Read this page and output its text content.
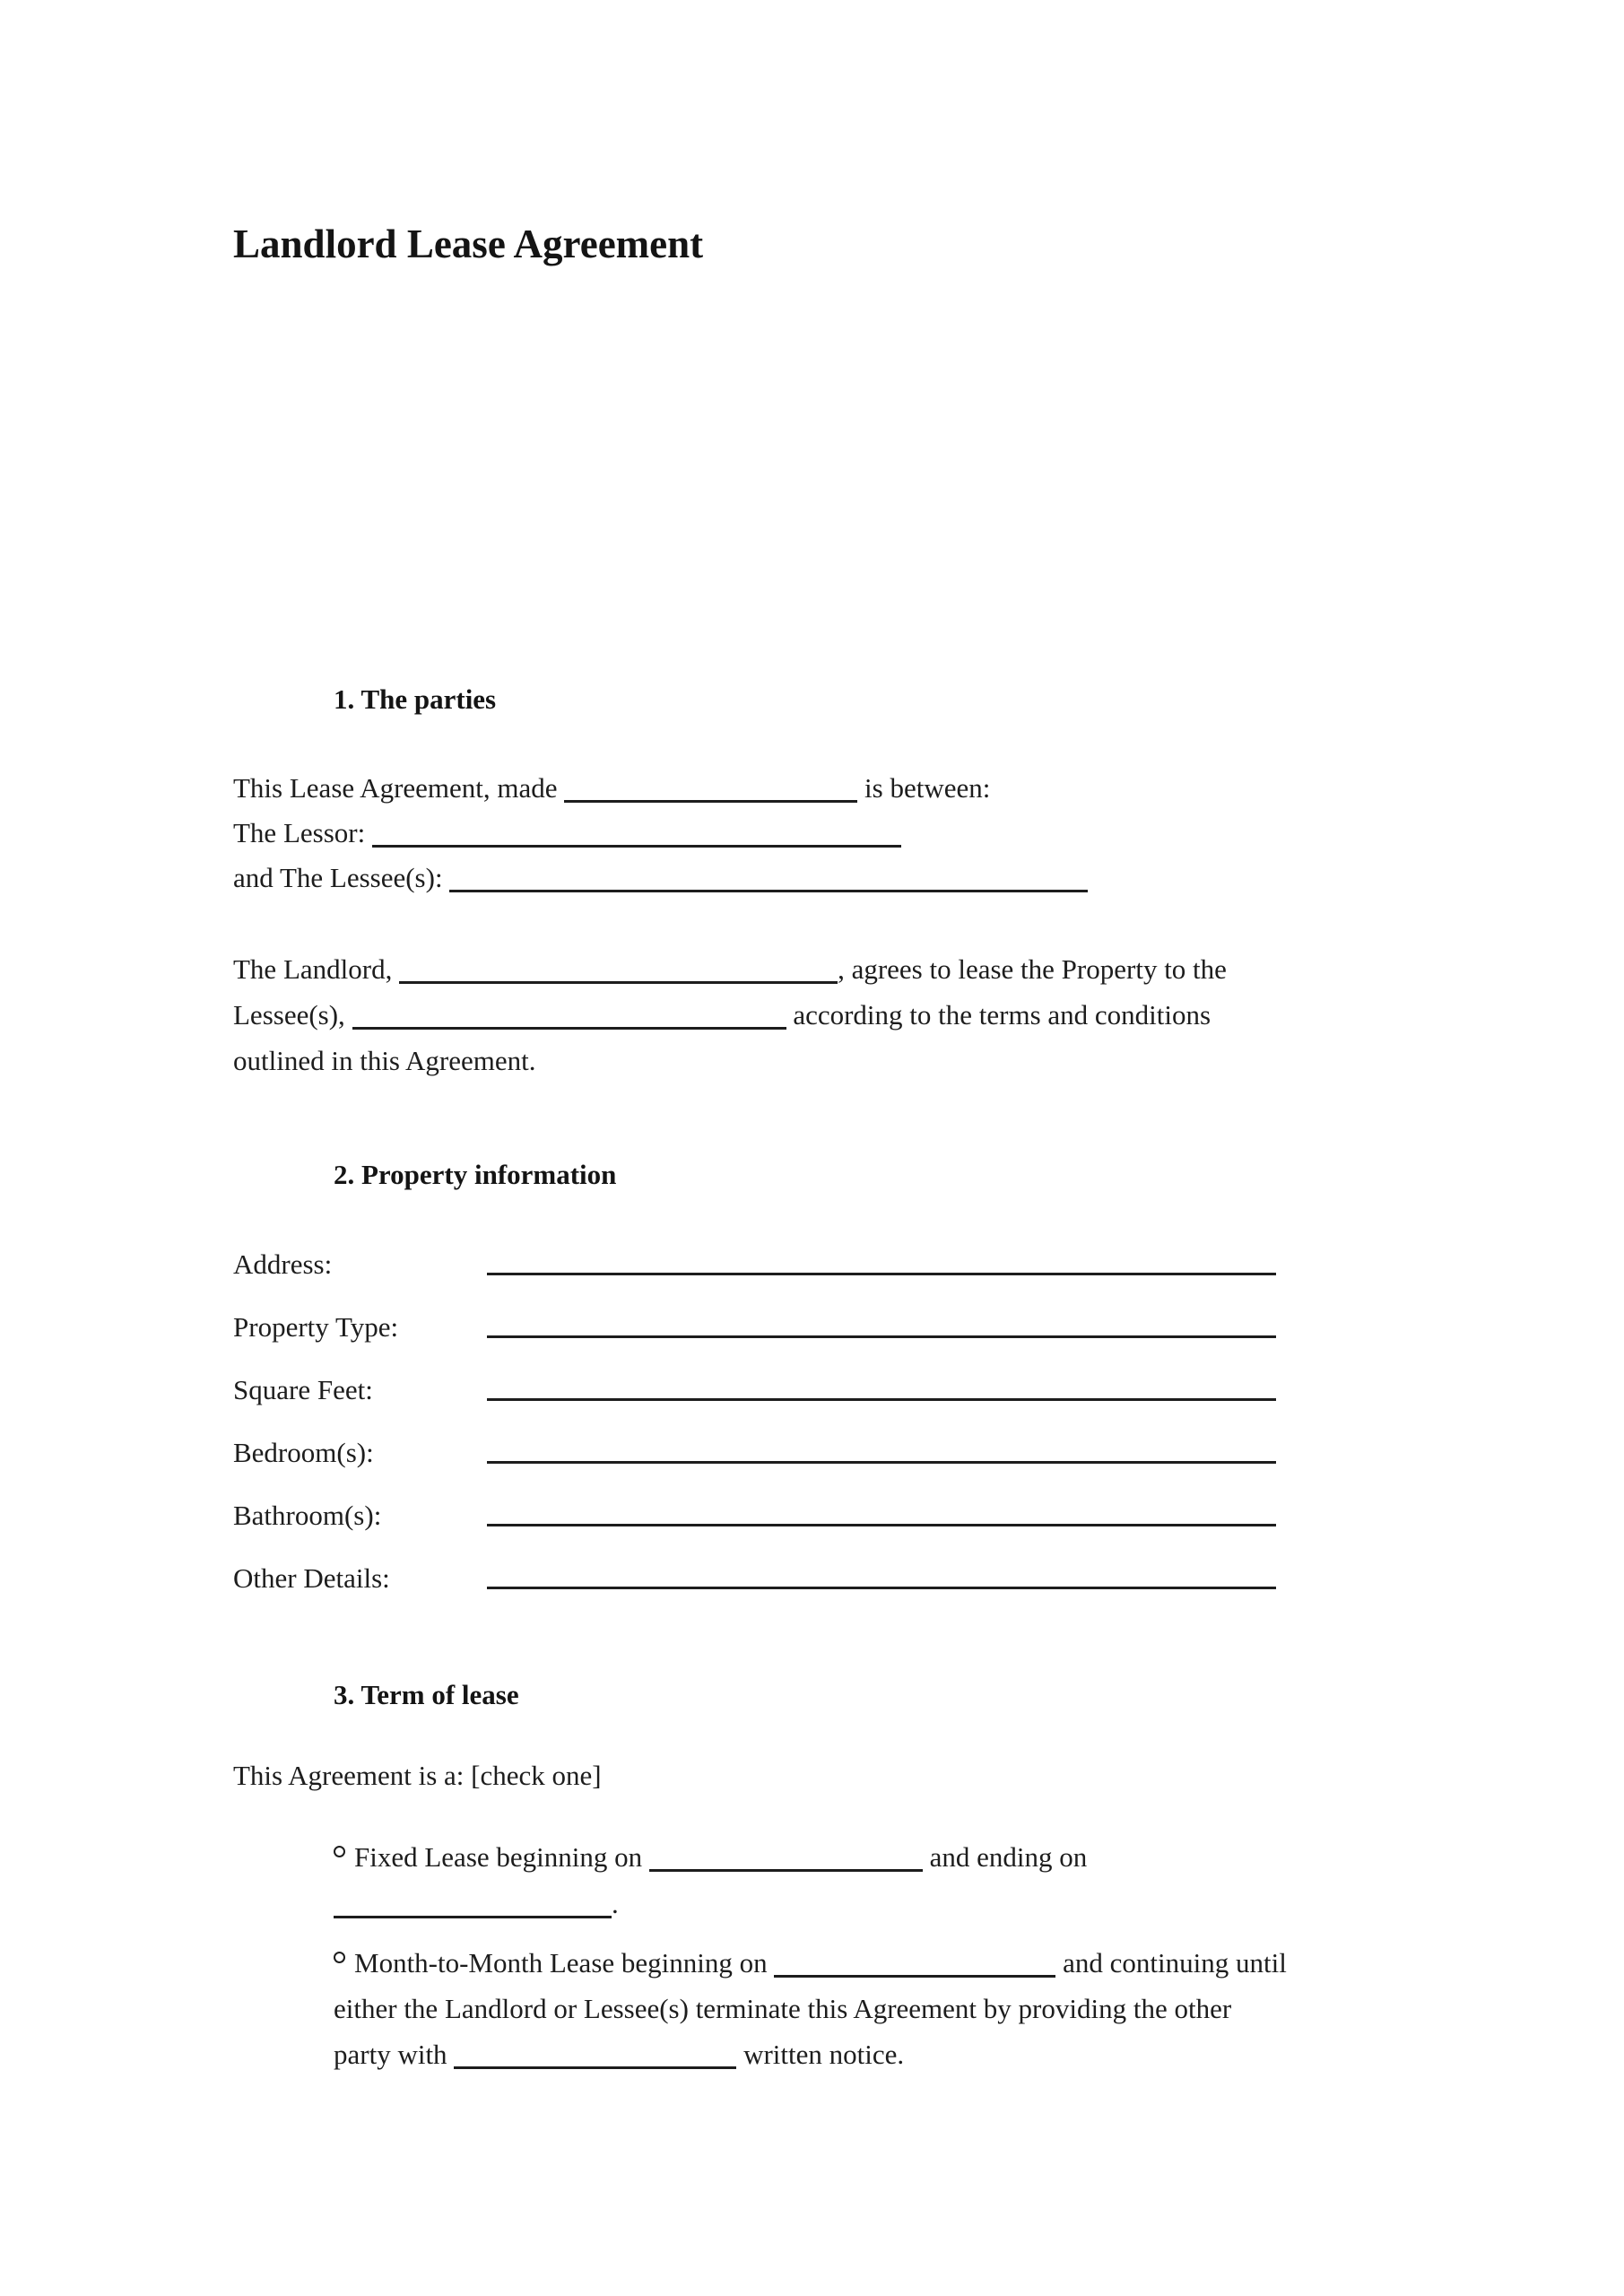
Landlord Lease Agreement
1. The parties
This Lease Agreement, made	is between:
The Lessor:
and The Lessee(s):
The Landlord,	, agrees to lease the Property to the
Lessee(s),	according to the terms and conditions
outlined in this Agreement.
2. Property information
Address:
Property Type:
Square Feet:
Bedroom(s):
Bathroom(s):
Other Details:
3. Term of lease
This Agreement is a: [check one]
Fixed Lease beginning on	and ending on
.
Month-to-Month Lease beginning on	and continuing until
either the Landlord or Lessee(s) terminate this Agreement by providing the other
party with	written notice.
